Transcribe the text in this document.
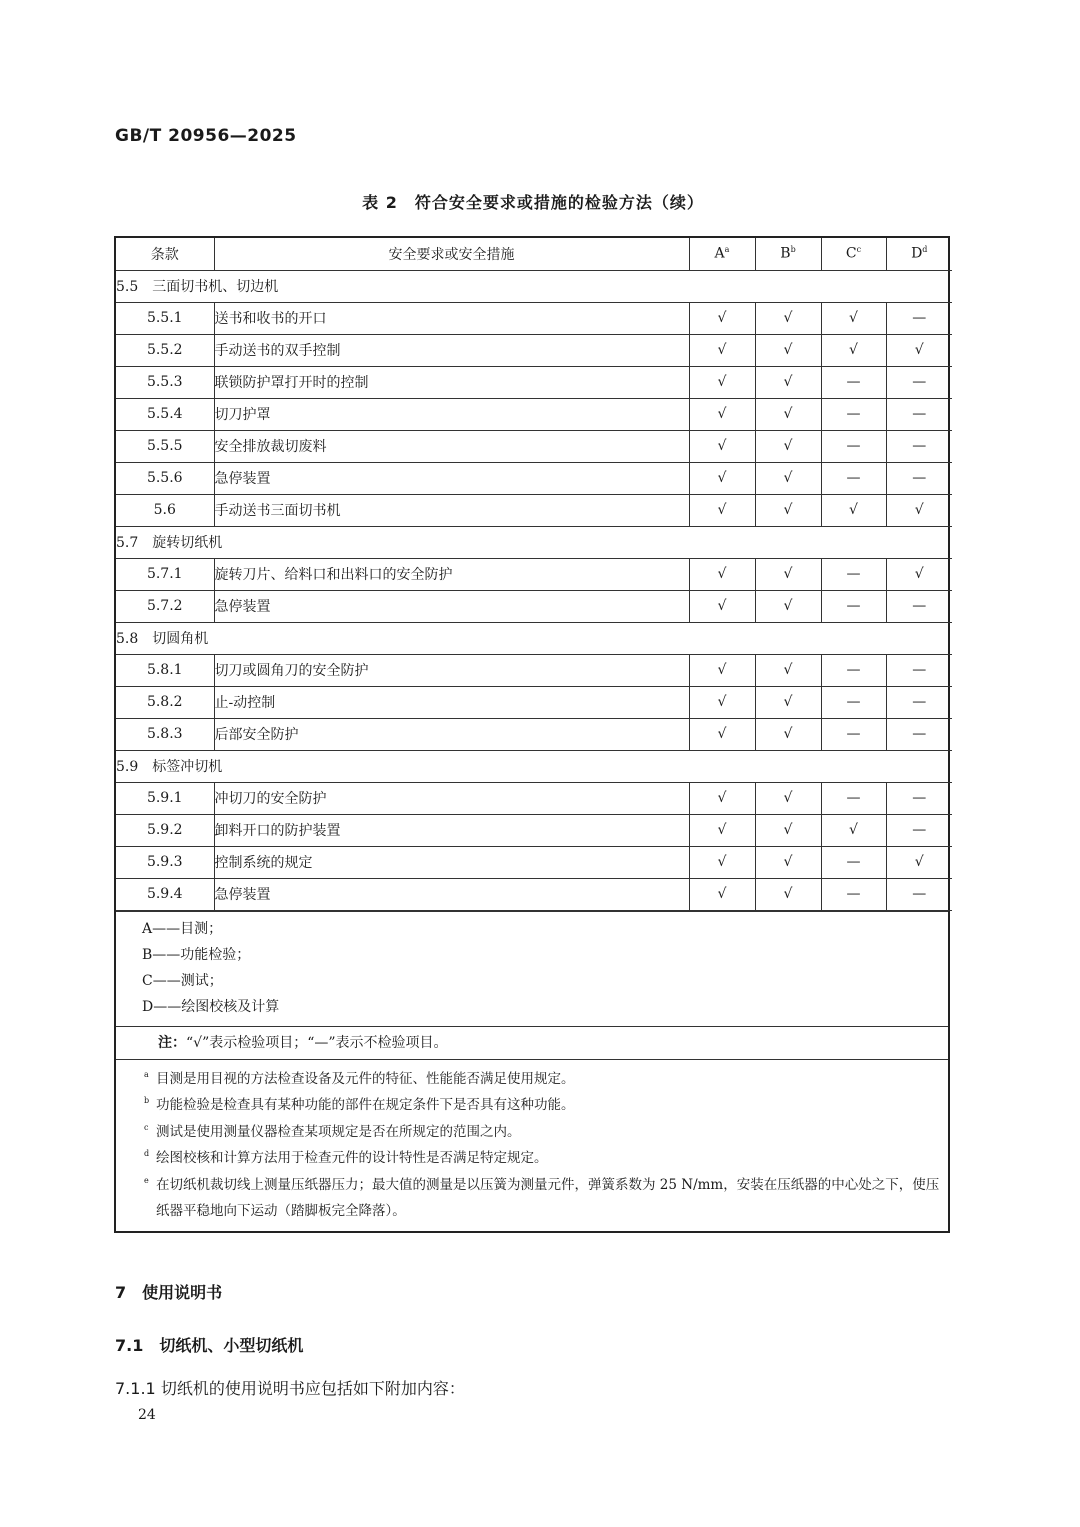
GB/T 20956—2025
表 2　符合安全要求或措施的检验方法（续）
条款	安全要求或安全措施	$A^a$	$B^b$	$C^c$	$D^d$
5.5　三面切书机、切边机					
5.5.1	送书和收书的开口	√	√	√	—
5.5.2	手动送书的双手控制	√	√	√	√
5.5.3	联锁防护罩打开时的控制	√	√	—	—
5.5.4	切刀护罩	√	√	—	—
5.5.5	安全排放裁切废料	√	√	—	—
5.5.6	急停装置	√	√	—	—
5.6	手动送书三面切书机	√	√	√	√
5.7　旋转切纸机					
5.7.1	旋转刀片、给料口和出料口的安全防护	√	√	—	√
5.7.2	急停装置	√	√	—	—
5.8　切圆角机					
5.8.1	切刀或圆角刀的安全防护	√	√	—	—
5.8.2	止-动控制	√	√	—	—
5.8.3	后部安全防护	√	√	—	—
5.9　标签冲切机					
5.9.1	冲切刀的安全防护	√	√	—	—
5.9.2	卸料开口的防护装置	√	√	√	—
5.9.3	控制系统的规定	√	√	—	√
5.9.4	急停装置	√	√	—	—
A——目测；
B——功能检验；
C——测试；
D——绘图校核及计算
注：“√”表示检验项目；“—”表示不检验项目。
a 目测是用目视的方法检查设备及元件的特征、性能能否满足使用规定。
b 功能检验是检查具有某种功能的部件在规定条件下是否具有这种功能。
c 测试是使用测量仪器检查某项规定是否在所规定的范围之内。
d 绘图校核和计算方法用于检查元件的设计特性是否满足特定规定。
e 在切纸机裁切线上测量压纸器压力；最大值的测量是以压簧为测量元件，弹簧系数为 25 N/mm，安装在压纸器的中心处之下，使压纸器平稳地向下运动（踏脚板完全降落）。
7　使用说明书
7.1　切纸机、小型切纸机
7.1.1 切纸机的使用说明书应包括如下附加内容：
24
